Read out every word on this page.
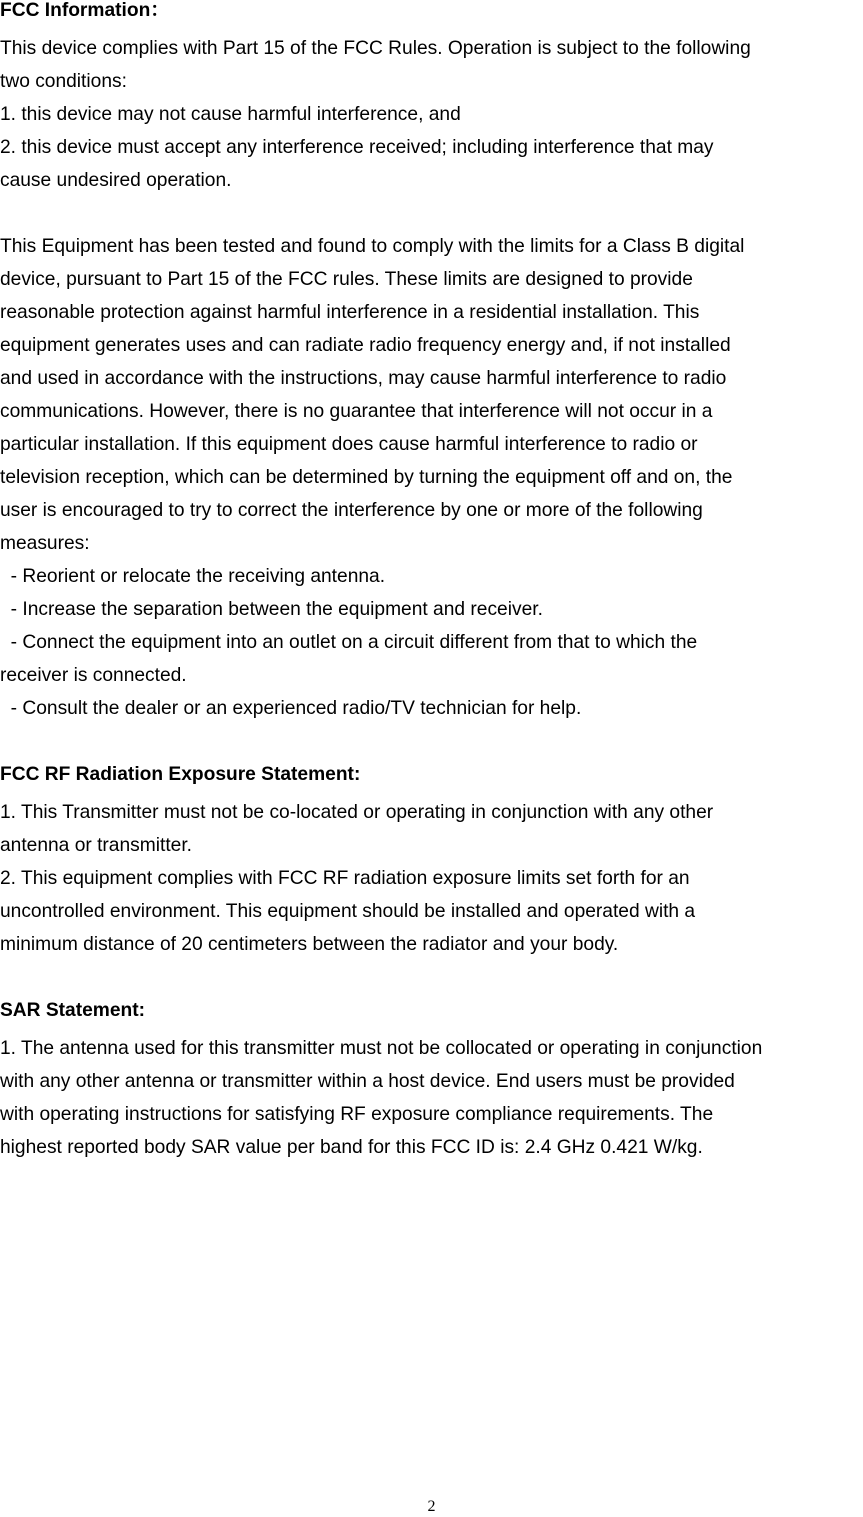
FCC Information：
This device complies with Part 15 of the FCC Rules. Operation is subject to the following
two conditions:
1. this device may not cause harmful interference, and
2. this device must accept any interference received; including interference that may
cause undesired operation.
This Equipment has been tested and found to comply with the limits for a Class B digital
device, pursuant to Part 15 of the FCC rules. These limits are designed to provide
reasonable protection against harmful interference in a residential installation. This
equipment generates uses and can radiate radio frequency energy and, if not installed
and used in accordance with the instructions, may cause harmful interference to radio
communications. However, there is no guarantee that interference will not occur in a
particular installation. If this equipment does cause harmful interference to radio or
television reception, which can be determined by turning the equipment off and on, the
user is encouraged to try to correct the interference by one or more of the following
measures:
- Reorient or relocate the receiving antenna.
- Increase the separation between the equipment and receiver.
- Connect the equipment into an outlet on a circuit different from that to which the
receiver is connected.
- Consult the dealer or an experienced radio/TV technician for help.
FCC RF Radiation Exposure Statement:
1. This Transmitter must not be co-located or operating in conjunction with any other
antenna or transmitter.
2. This equipment complies with FCC RF radiation exposure limits set forth for an
uncontrolled environment. This equipment should be installed and operated with a
minimum distance of 20 centimeters between the radiator and your body.
SAR Statement:
1. The antenna used for this transmitter must not be collocated or operating in conjunction
with any other antenna or transmitter within a host device. End users must be provided
with operating instructions for satisfying RF exposure compliance requirements. The
highest reported body SAR value per band for this FCC ID is: 2.4 GHz 0.421 W/kg.
2
